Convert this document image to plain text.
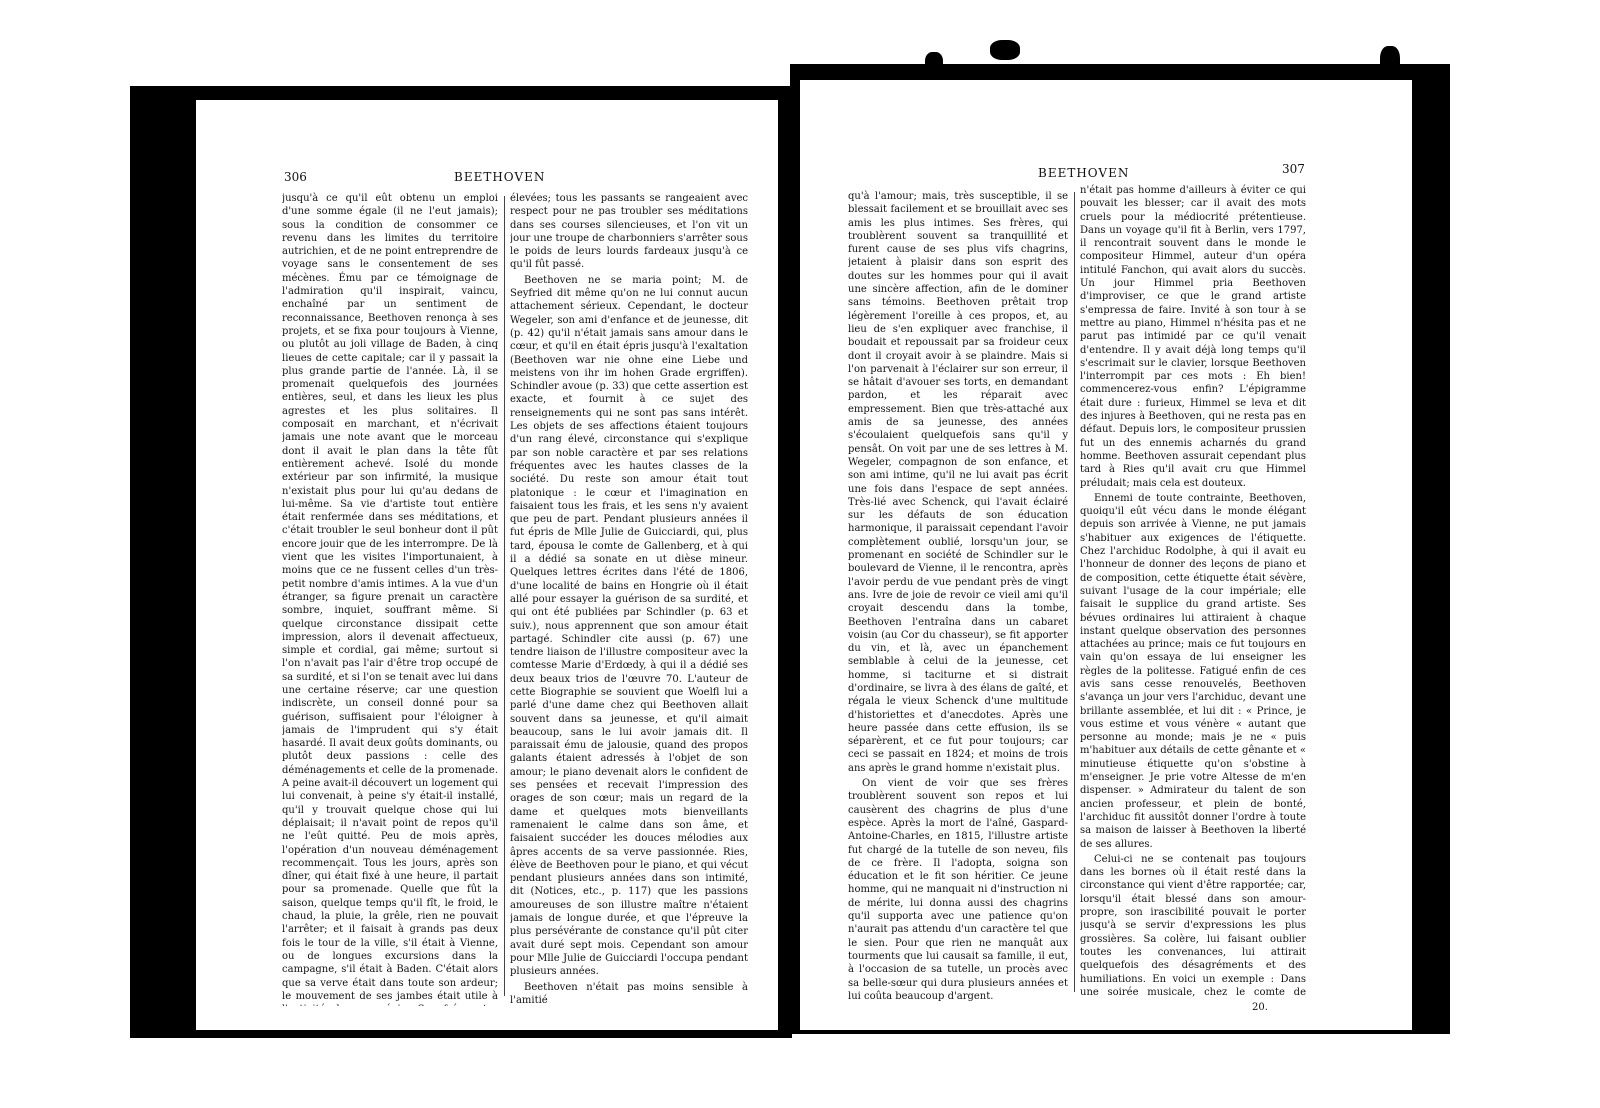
306	BEETHOVEN

jusqu'à ce qu'il eût obtenu un emploi d'une somme égale (il ne l'eut jamais); sous la condition de consommer ce revenu dans les limites du territoire autrichien, et de ne point entreprendre de voyage sans le consentement de ses mécènes. Ému par ce témoignage de l'admiration qu'il inspirait, vaincu, enchaîné par un sentiment de reconnaissance, Beethoven renonça à ses projets, et se fixa pour toujours à Vienne, ou plutôt au joli village de Baden, à cinq lieues de cette capitale; car il y passait la plus grande partie de l'année. Là, il se promenait quelquefois des journées entières, seul, et dans les lieux les plus agrestes et les plus solitaires. Il composait en marchant, et n'écrivait jamais une note avant que le morceau dont il avait le plan dans la tête fût entièrement achevé. Isolé du monde extérieur par son infirmité, la musique n'existait plus pour lui qu'au dedans de lui-même. Sa vie d'artiste tout entière était renfermée dans ses méditations, et c'était troubler le seul bonheur dont il pût encore jouir que de les interrompre. De là vient que les visites l'importunaient, à moins que ce ne fussent celles d'un très-petit nombre d'amis intimes. A la vue d'un étranger, sa figure prenait un caractère sombre, inquiet, souffrant même. Si quelque circonstance dissipait cette impression, alors il devenait affectueux, simple et cordial, gai même; surtout si l'on n'avait pas l'air d'être trop occupé de sa surdité, et si l'on se tenait avec lui dans une certaine réserve; car une question indiscrète, un conseil donné pour sa guérison, suffisaient pour l'éloigner à jamais de l'imprudent qui s'y était hasardé. Il avait deux goûts dominants, ou plutôt deux passions : celle des déménagements et celle de la promenade. A peine avait-il découvert un logement qui lui convenait, à peine s'y était-il installé, qu'il y trouvait quelque chose qui lui déplaisait; il n'avait point de repos qu'il ne l'eût quitté. Peu de mois après, l'opération d'un nouveau déménagement recommençait. Tous les jours, après son dîner, qui était fixé à une heure, il partait pour sa promenade. Quelle que fût la saison, quelque temps qu'il fît, le froid, le chaud, la pluie, la grêle, rien ne pouvait l'arrêter; et il faisait à grands pas deux fois le tour de la ville, s'il était à Vienne, ou de longues excursions dans la campagne, s'il était à Baden. C'était alors que sa verve était dans toute son ardeur; le mouvement de ses jambes était utile à

élevées; tous les passants se rangeaient avec respect pour ne pas troubler ses méditations dans ses courses silencieuses, et l'on vit un jour une troupe de charbonniers s'arrêter sous le poids de leurs lourds fardeaux jusqu'à ce qu'il fût passé.

Beethoven ne se maria point; M. de Seyfried dit même qu'on ne lui connut aucun attachement sérieux. Cependant, le docteur Wegeler, son ami d'enfance et de jeunesse, dit (p. 42) qu'il n'était jamais sans amour dans le cœur, et qu'il en était épris jusqu'à l'exaltation (Beethoven war nie ohne eine Liebe und meistens von ihr im hohen Grade ergriffen). Schindler avoue (p. 33) que cette assertion est exacte, et fournit à ce sujet des renseignements qui ne sont pas sans intérêt. Les objets de ses affections étaient toujours d'un rang élevé, circonstance qui s'explique par son noble caractère et par ses relations fréquentes avec les hautes classes de la société. Du reste son amour était tout platonique : le cœur et l'imagination en faisaient tous les frais, et les sens n'y avaient que peu de part. Pendant plusieurs années il fut épris de Mlle Julie de Guicciardi, qui, plus tard, épousa le comte de Gallenberg, et à qui il a dédié sa sonate en ut dièse mineur. Quelques lettres écrites dans l'été de 1806, d'une localité de bains en Hongrie où il était allé pour essayer la guérison de sa surdité, et qui ont été publiées par Schindler (p. 63 et suiv.), nous apprennent que son amour était partagé. Schindler cite aussi (p. 67) une tendre liaison de l'illustre compositeur avec la comtesse Marie d'Erdœdy, à qui il a dédié ses deux beaux trios de l'œuvre 70. L'auteur de cette Biographie se souvient que Woelfl lui a parlé d'une dame chez qui Beethoven allait souvent dans sa jeunesse, et qu'il aimait beaucoup, sans le lui avoir jamais dit. Il paraissait ému de jalousie, quand des propos galants étaient adressés à l'objet de son amour; le piano devenait alors le confident de ses pensées et recevait l'impression des orages de son cœur; mais un regard de la dame et quelques mots bienveillants ramenaient le calme dans son âme, et faisaient succéder les douces mélodies aux âpres accents de sa verve passionnée. Ries, élève de Beethoven pour le piano, et qui vécut pendant plusieurs années dans son intimité, dit (Notices, etc., p. 117) que les passions amoureuses de son illustre maître n'étaient jamais de longue durée, et que l'épreuve la plus persévérante de constance qu'il pût citer avait duré sept mois. Cependant son amour pour Mlle Julie de Guicciardi l'occupa pendant plusieurs années.

Beethoven n'était pas moins sensible à l'amitié

BEETHOVEN	307

qu'à l'amour; mais, très susceptible, il se blessait facilement et se brouillait avec ses amis les plus intimes. Ses frères, qui troublèrent souvent sa tranquillité et furent cause de ses plus vifs chagrins, jetaient à plaisir dans son esprit des doutes sur les hommes pour qui il avait une sincère affection, afin de le dominer sans témoins. Beethoven prêtait trop légèrement l'oreille à ces propos, et, au lieu de s'en expliquer avec franchise, il boudait et repoussait par sa froideur ceux dont il croyait avoir à se plaindre. Mais si l'on parvenait à l'éclairer sur son erreur, il se hâtait d'avouer ses torts, en demandant pardon, et les réparait avec empressement. Bien que très-attaché aux amis de sa jeunesse, des années s'écoulaient quelquefois sans qu'il y pensât. On voit par une de ses lettres à M. Wegeler, compagnon de son enfance, et son ami intime, qu'il ne lui avait pas écrit une fois dans l'espace de sept années. Très-lié avec Schenck, qui l'avait éclairé sur les défauts de son éducation harmonique, il paraissait cependant l'avoir complètement oublié, lorsqu'un jour, se promenant en société de Schindler sur le boulevard de Vienne, il le rencontra, après l'avoir perdu de vue pendant près de vingt ans. Ivre de joie de revoir ce vieil ami qu'il croyait descendu dans la tombe, Beethoven l'entraîna dans un cabaret voisin (au Cor du chasseur), se fit apporter du vin, et là, avec un épanchement semblable à celui de la jeunesse, cet homme, si taciturne et si distrait d'ordinaire, se livra à des élans de gaîté, et régala le vieux Schenck d'une multitude d'historiettes et d'anecdotes. Après une heure passée dans cette effusion, ils se séparèrent, et ce fut pour toujours; car ceci se passait en 1824; et moins de trois ans après le grand homme n'existait plus.

On vient de voir que ses frères troublèrent souvent son repos et lui causèrent des chagrins de plus d'une espèce. Après la mort de l'aîné, Gaspard-Antoine-Charles, en 1815, l'illustre artiste fut chargé de la tutelle de son neveu, fils de ce frère. Il l'adopta, soigna son éducation et le fit son héritier. Ce jeune homme, qui ne manquait ni d'instruction ni de mérite, lui donna aussi des chagrins qu'il supporta avec une patience qu'on n'aurait pas attendu d'un caractère tel que le sien. Pour que rien ne manquât aux tourments que lui causait sa famille, il eut, à l'occasion de sa tutelle, un procès avec sa belle-sœur qui dura plusieurs années et lui coûta beaucoup d'argent.

n'était pas homme d'ailleurs à éviter ce qui pouvait les blesser; car il avait des mots cruels pour la médiocrité prétentieuse. Dans un voyage qu'il fit à Berlin, vers 1797, il rencontrait souvent dans le monde le compositeur Himmel, auteur d'un opéra intitulé Fanchon, qui avait alors du succès. Un jour Himmel pria Beethoven d'improviser, ce que le grand artiste s'empressa de faire. Invité à son tour à se mettre au piano, Himmel n'hésita pas et ne parut pas intimidé par ce qu'il venait d'entendre. Il y avait déjà long temps qu'il s'escrimait sur le clavier, lorsque Beethoven l'interrompit par ces mots : Eh bien! commencerez-vous enfin? L'épigramme était dure : furieux, Himmel se leva et dit des injures à Beethoven, qui ne resta pas en défaut. Depuis lors, le compositeur prussien fut un des ennemis acharnés du grand homme. Beethoven assurait cependant plus tard à Ries qu'il avait cru que Himmel préludait; mais cela est douteux.

Ennemi de toute contrainte, Beethoven, quoiqu'il eût vécu dans le monde élégant depuis son arrivée à Vienne, ne put jamais s'habituer aux exigences de l'étiquette. Chez l'archiduc Rodolphe, à qui il avait eu l'honneur de donner des leçons de piano et de composition, cette étiquette était sévère, suivant l'usage de la cour impériale; elle faisait le supplice du grand artiste. Ses bévues ordinaires lui attiraient à chaque instant quelque observation des personnes attachées au prince; mais ce fut toujours en vain qu'on essaya de lui enseigner les règles de la politesse. Fatigué enfin de ces avis sans cesse renouvelés, Beethoven s'avança un jour vers l'archiduc, devant une brillante assemblée, et lui dit : « Prince, je vous estime et vous vénère « autant que personne au monde; mais je ne « puis m'habituer aux détails de cette gênante et « minutieuse étiquette qu'on s'obstine à m'enseigner. Je prie votre Altesse de m'en dispenser. » Admirateur du talent de son ancien professeur, et plein de bonté, l'archiduc fit aussitôt donner l'ordre à toute sa maison de laisser à Beethoven la liberté de ses allures.

Celui-ci ne se contenait pas toujours dans les bornes où il était resté dans la circonstance qui vient d'être rapportée; car, lorsqu'il était blessé dans son amour-propre, son irascibilité pouvait le porter jusqu'à se servir d'expressions les plus grossières. Sa colère, lui faisant oublier toutes les convenances, lui attirait quelquefois des désagréments et des humiliations. En voici un exemple : Dans une soirée musicale, chez le comte de

20.
